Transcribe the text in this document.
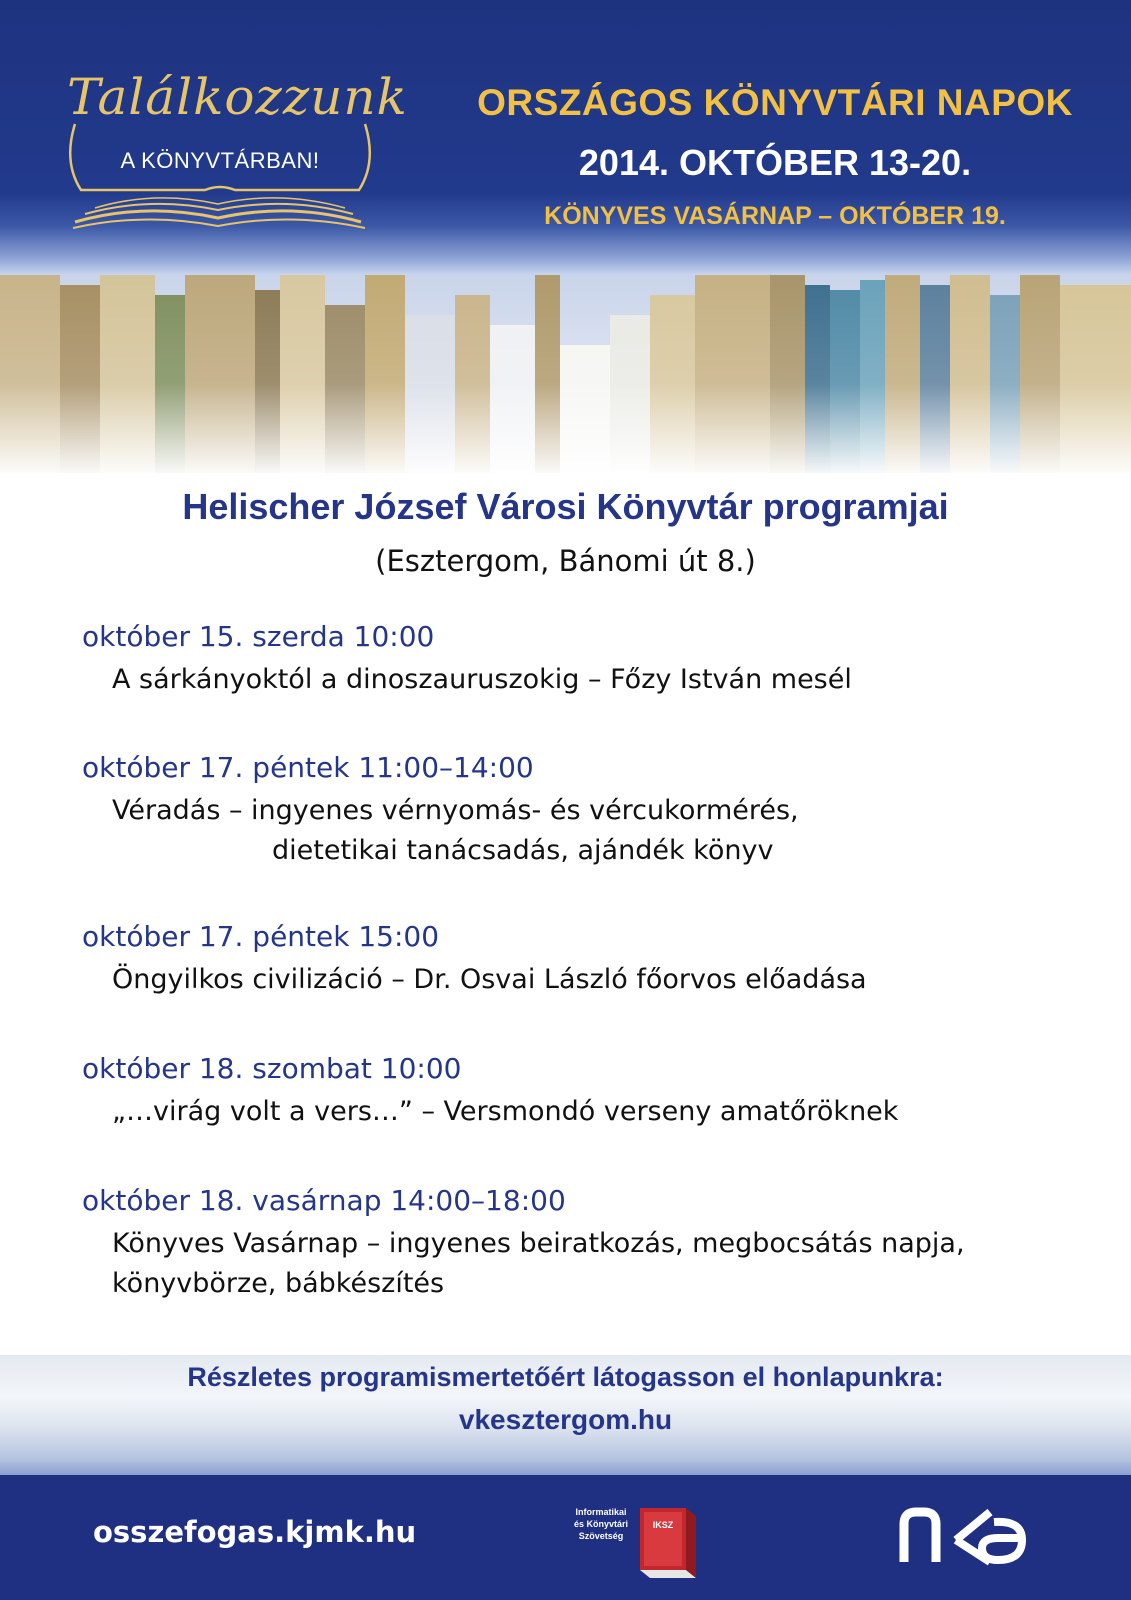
Találkozzunk
A KÖNYVTÁRBAN!
ORSZÁGOS KÖNYVTÁRI NAPOK
2014. OKTÓBER 13-20.
KÖNYVES VASÁRNAP – OKTÓBER 19.
Helischer József Városi Könyvtár programjai
(Esztergom, Bánomi út 8.)
október 15. szerda 10:00
A sárkányoktól a dinoszauruszokig – Főzy István mesél
október 17. péntek 11:00–14:00
Véradás – ingyenes vérnyomás- és vércukormérés,
dietetikai tanácsadás, ajándék könyv
október 17. péntek 15:00
Öngyilkos civilizáció – Dr. Osvai László főorvos előadása
október 18. szombat 10:00
„…virág volt a vers…” – Versmondó verseny amatőröknek
október 18. vasárnap 14:00–18:00
Könyves Vasárnap – ingyenes beiratkozás, megbocsátás napja,
könyvbörze, bábkészítés
Részletes programismertetőért látogasson el honlapunkra:
vkesztergom.hu
osszefogas.kjmk.hu
Informatikai
és Könyvtári
Szövetség
IKSZ
nka
